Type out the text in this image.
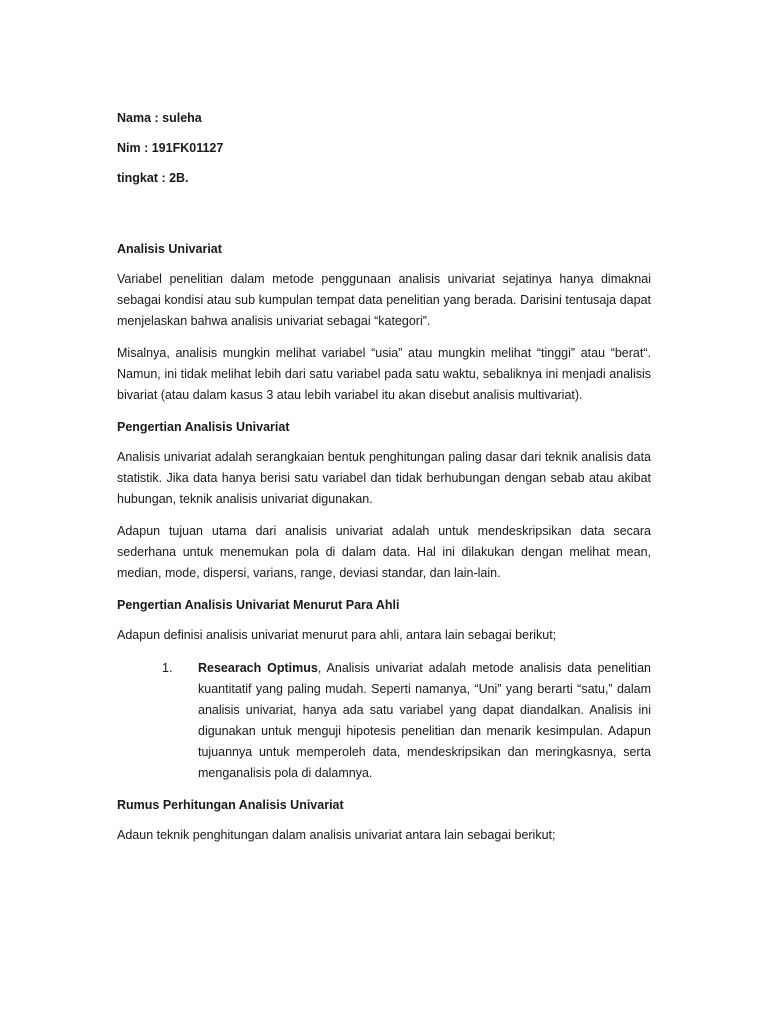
Nama : suleha

Nim : 191FK01127

tingkat : 2B.

Analisis Univariat

Variabel penelitian dalam metode penggunaan analisis univariat sejatinya hanya dimaknai sebagai kondisi atau sub kumpulan tempat data penelitian yang berada. Darisini tentusaja dapat menjelaskan bahwa analisis univariat sebagai “kategori”.

Misalnya, analisis mungkin melihat variabel “usia” atau mungkin melihat “tinggi” atau “berat“. Namun, ini tidak melihat lebih dari satu variabel pada satu waktu, sebaliknya ini menjadi analisis bivariat (atau dalam kasus 3 atau lebih variabel itu akan disebut analisis multivariat).

Pengertian Analisis Univariat

Analisis univariat adalah serangkaian bentuk penghitungan paling dasar dari teknik analisis data statistik. Jika data hanya berisi satu variabel dan tidak berhubungan dengan sebab atau akibat hubungan, teknik analisis univariat digunakan.

Adapun tujuan utama dari analisis univariat adalah untuk mendeskripsikan data secara sederhana untuk menemukan pola di dalam data. Hal ini dilakukan dengan melihat mean, median, mode, dispersi, varians, range, deviasi standar, dan lain-lain.

Pengertian Analisis Univariat Menurut Para Ahli

Adapun definisi analisis univariat menurut para ahli, antara lain sebagai berikut;

1.	Researach Optimus, Analisis univariat adalah metode analisis data penelitian kuantitatif yang paling mudah. Seperti namanya, “Uni” yang berarti “satu,” dalam analisis univariat, hanya ada satu variabel yang dapat diandalkan. Analisis ini digunakan untuk menguji hipotesis penelitian dan menarik kesimpulan. Adapun tujuannya untuk memperoleh data, mendeskripsikan dan meringkasnya, serta menganalisis pola di dalamnya.

Rumus Perhitungan Analisis Univariat

Adaun teknik penghitungan dalam analisis univariat antara lain sebagai berikut;
